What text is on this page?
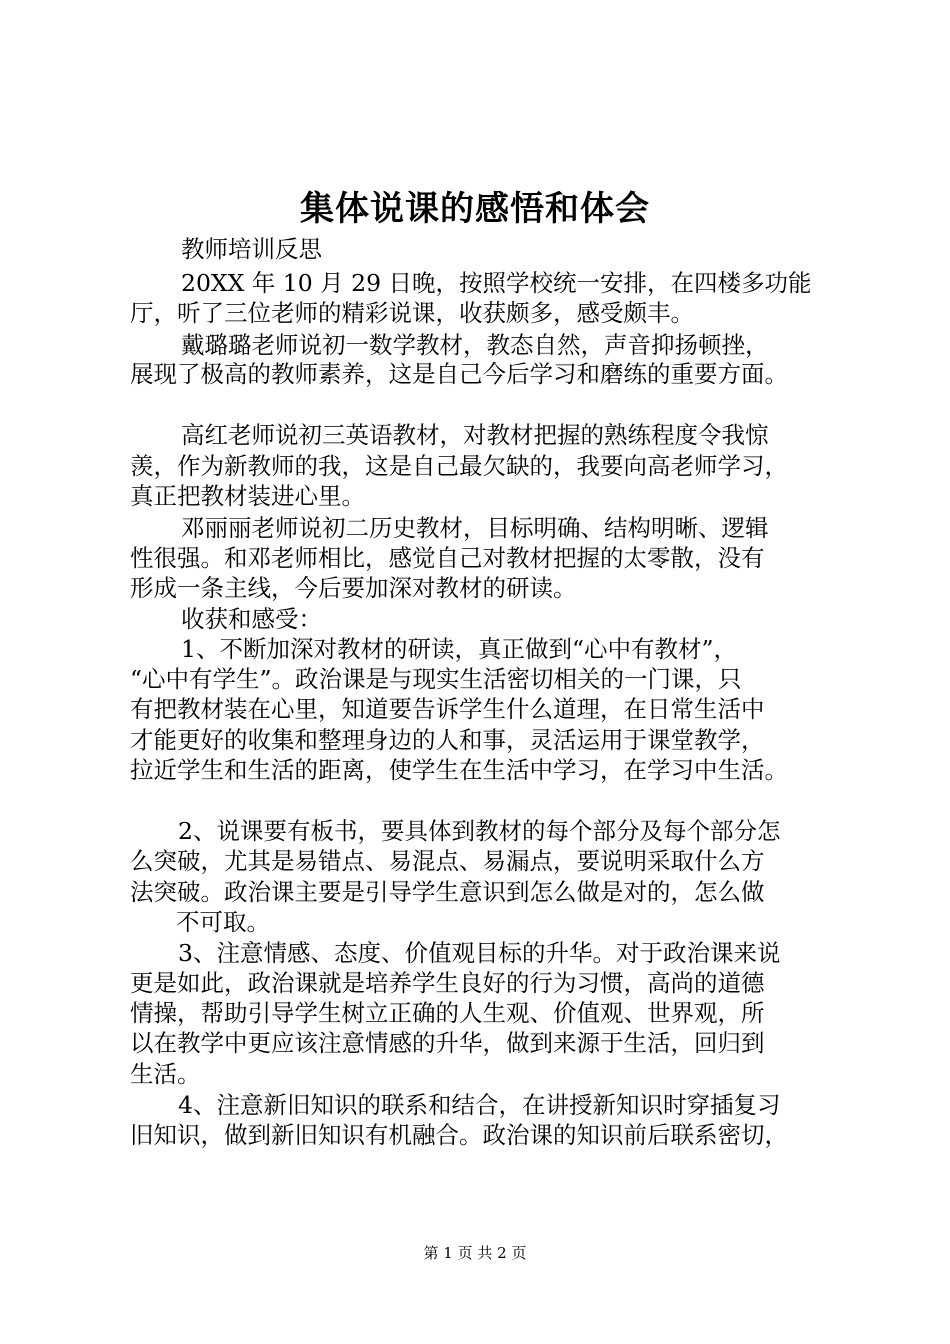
集体说课的感悟和体会
教师培训反思
20XX 年 10 月 29 日晚，按照学校统一安排，在四楼多功能
厅，听了三位老师的精彩说课，收获颇多，感受颇丰。
戴璐璐老师说初一数学教材，教态自然，声音抑扬顿挫，
展现了极高的教师素养，这是自己今后学习和磨练的重要方面。
高红老师说初三英语教材，对教材把握的熟练程度令我惊
羡，作为新教师的我，这是自己最欠缺的，我要向高老师学习，
真正把教材装进心里。
邓丽丽老师说初二历史教材，目标明确、结构明晰、逻辑
性很强。和邓老师相比，感觉自己对教材把握的太零散，没有
形成一条主线，今后要加深对教材的研读。
收获和感受：
1、不断加深对教材的研读，真正做到“心中有教材”，
“心中有学生”。政治课是与现实生活密切相关的一门课，只
有把教材装在心里，知道要告诉学生什么道理，在日常生活中
才能更好的收集和整理身边的人和事，灵活运用于课堂教学，
拉近学生和生活的距离，使学生在生活中学习，在学习中生活。
2、说课要有板书，要具体到教材的每个部分及每个部分怎
么突破，尤其是易错点、易混点、易漏点，要说明采取什么方
法突破。政治课主要是引导学生意识到怎么做是对的，怎么做
不可取。
3、注意情感、态度、价值观目标的升华。对于政治课来说
更是如此，政治课就是培养学生良好的行为习惯，高尚的道德
情操，帮助引导学生树立正确的人生观、价值观、世界观，所
以在教学中更应该注意情感的升华，做到来源于生活，回归到
生活。
4、注意新旧知识的联系和结合，在讲授新知识时穿插复习
旧知识，做到新旧知识有机融合。政治课的知识前后联系密切，
第 1 页 共 2 页
